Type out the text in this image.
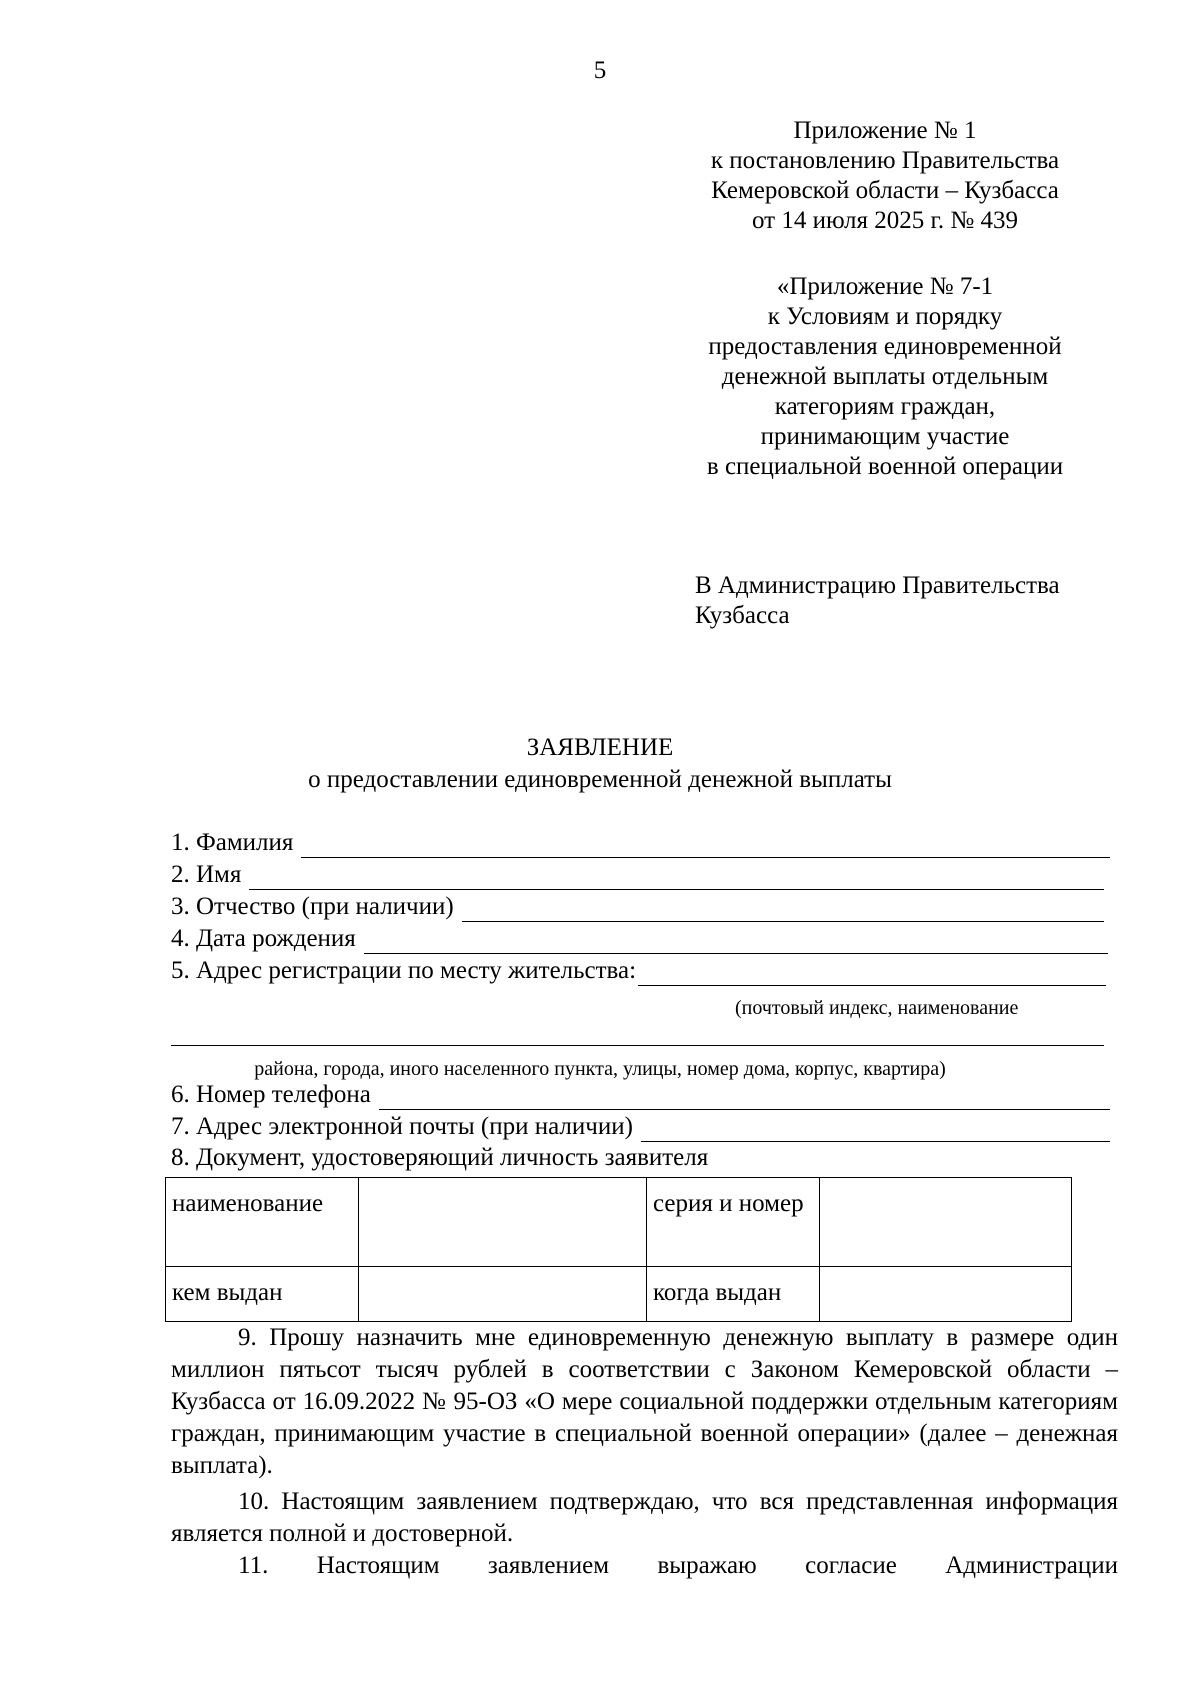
5
Приложение № 1
к постановлению Правительства
Кемеровской области – Кузбасса
от 14 июля 2025 г. № 439
«Приложение № 7-1
к Условиям и порядку
предоставления единовременной
денежной выплаты отдельным
категориям граждан,
принимающим участие
в специальной военной операции
В Администрацию Правительства
Кузбасса
ЗАЯВЛЕНИЕ
о предоставлении единовременной денежной выплаты
1. Фамилия
2. Имя
3. Отчество (при наличии)
4. Дата рождения
5. Адрес регистрации по месту жительства:
(почтовый индекс, наименование
района, города, иного населенного пункта, улицы, номер дома, корпус, квартира)
6. Номер телефона
7. Адрес электронной почты (при наличии)
8. Документ, удостоверяющий личность заявителя
наименование		серия и номер	
кем выдан		когда выдан	
9. Прошу назначить мне единовременную денежную выплату в размере один миллион пятьсот тысяч рублей в соответствии с Законом Кемеровской области – Кузбасса от 16.09.2022 № 95-ОЗ «О мере социальной поддержки отдельным категориям граждан, принимающим участие в специальной военной операции» (далее – денежная выплата).
10. Настоящим заявлением подтверждаю, что вся представленная информация является полной и достоверной.
11. Настоящим заявлением выражаю согласие Администрации
